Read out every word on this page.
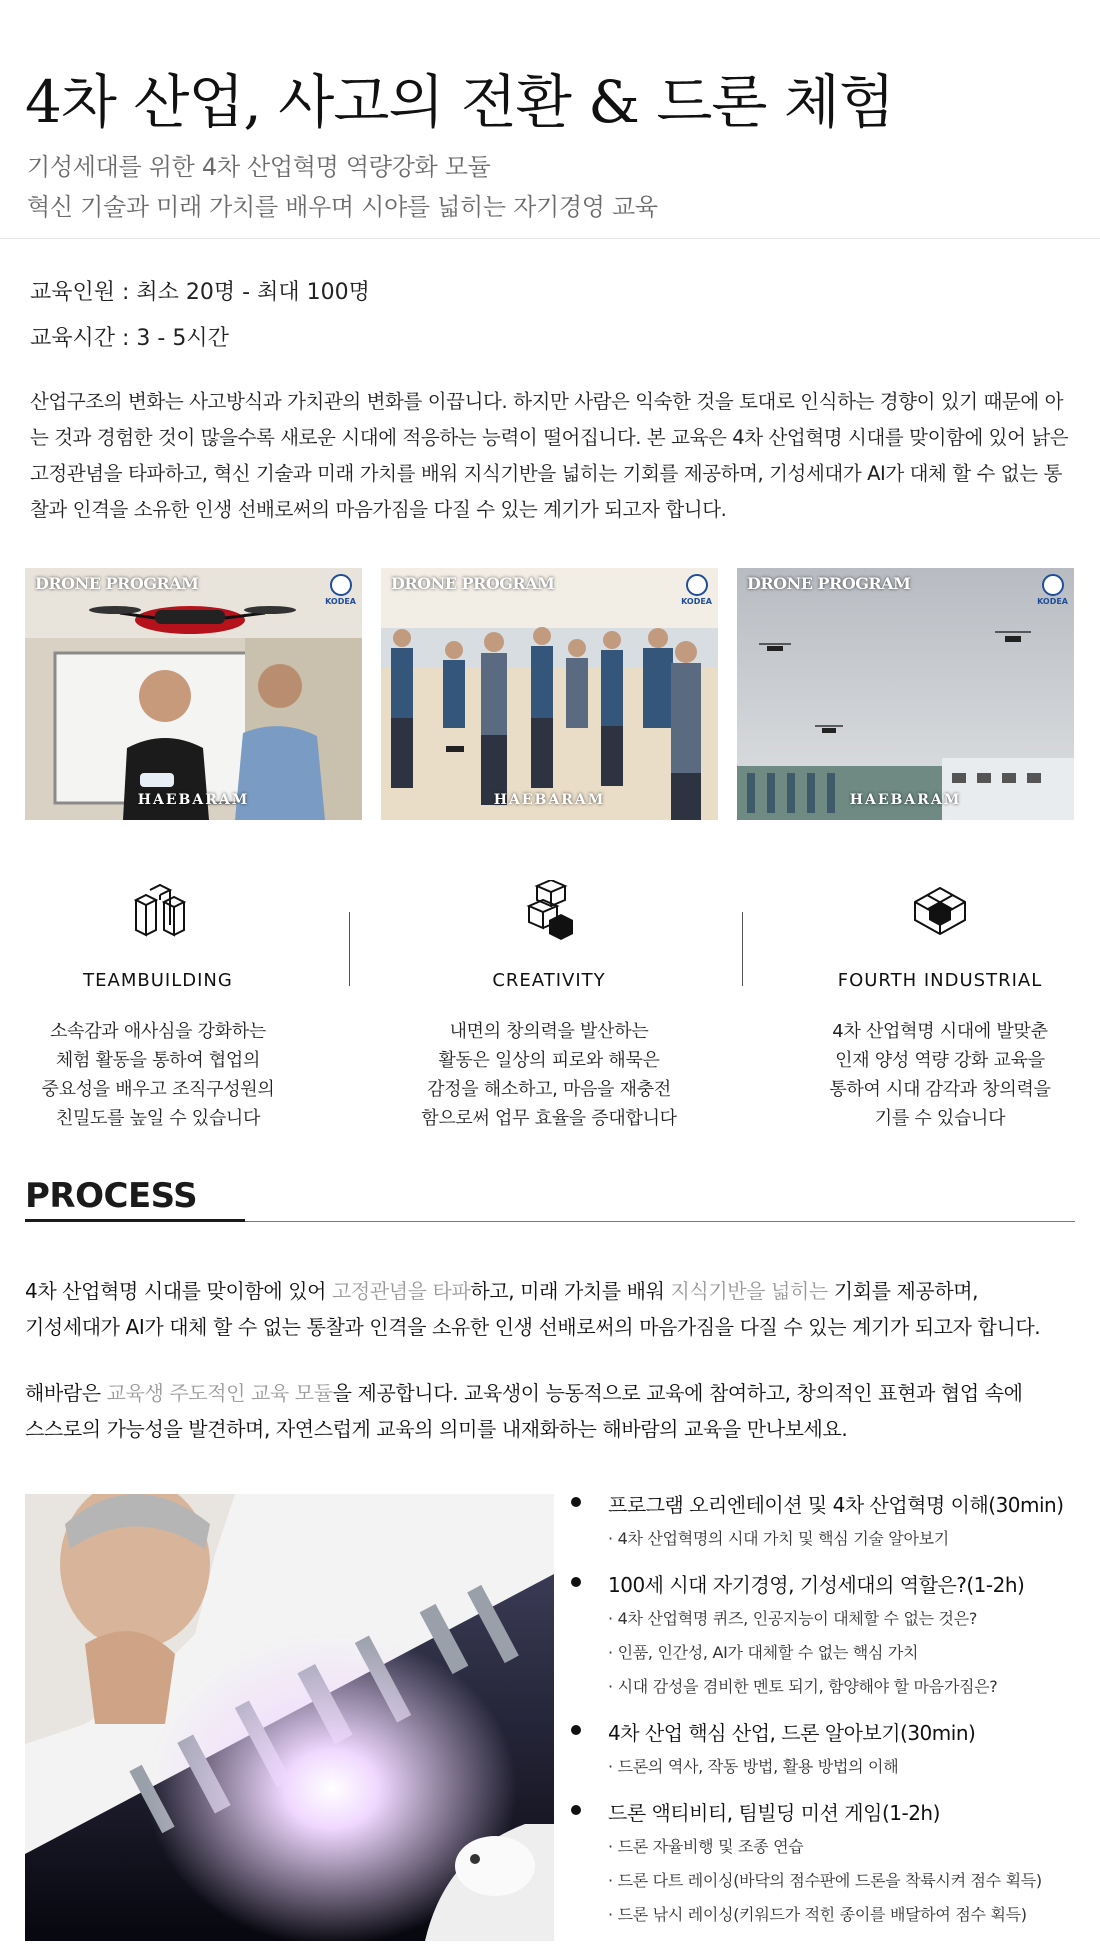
4차 산업, 사고의 전환 & 드론 체험
기성세대를 위한 4차 산업혁명 역량강화 모듈
혁신 기술과 미래 가치를 배우며 시야를 넓히는 자기경영 교육
교육인원 : 최소 20명 - 최대 100명
교육시간 : 3 - 5시간
산업구조의 변화는 사고방식과 가치관의 변화를 이끕니다. 하지만 사람은 익숙한 것을 토대로 인식하는 경향이 있기 때문에 아는 것과 경험한 것이 많을수록 새로운 시대에 적응하는 능력이 떨어집니다. 본 교육은 4차 산업혁명 시대를 맞이함에 있어 낡은 고정관념을 타파하고, 혁신 기술과 미래 가치를 배워 지식기반을 넓히는 기회를 제공하며, 기성세대가 AI가 대체 할 수 없는 통찰과 인격을 소유한 인생 선배로써의 마음가짐을 다질 수 있는 계기가 되고자 합니다.
DRONE PROGRAM
KODEA
HAEBARAM
DRONE PROGRAM
KODEA
HAEBARAM
DRONE PROGRAM
KODEA
HAEBARAM
TEAMBUILDING
소속감과 애사심을 강화하는
체험 활동을 통하여 협업의
중요성을 배우고 조직구성원의
친밀도를 높일 수 있습니다
CREATIVITY
내면의 창의력을 발산하는
활동은 일상의 피로와 해묵은
감정을 해소하고, 마음을 재충전
함으로써 업무 효율을 증대합니다
FOURTH INDUSTRIAL
4차 산업혁명 시대에 발맞춘
인재 양성 역량 강화 교육을
통하여 시대 감각과 창의력을
기를 수 있습니다
PROCESS
4차 산업혁명 시대를 맞이함에 있어 고정관념을 타파하고, 미래 가치를 배워 지식기반을 넓히는 기회를 제공하며,
기성세대가 AI가 대체 할 수 없는 통찰과 인격을 소유한 인생 선배로써의 마음가짐을 다질 수 있는 계기가 되고자 합니다.
해바람은 교육생 주도적인 교육 모듈을 제공합니다. 교육생이 능동적으로 교육에 참여하고, 창의적인 표현과 협업 속에
스스로의 가능성을 발견하며, 자연스럽게 교육의 의미를 내재화하는 해바람의 교육을 만나보세요.
프로그램 오리엔테이션 및 4차 산업혁명 이해(30min)
· 4차 산업혁명의 시대 가치 및 핵심 기술 알아보기
100세 시대 자기경영, 기성세대의 역할은?(1-2h)
· 4차 산업혁명 퀴즈, 인공지능이 대체할 수 없는 것은?
· 인품, 인간성, AI가 대체할 수 없는 핵심 가치
· 시대 감성을 겸비한 멘토 되기, 함양해야 할 마음가짐은?
4차 산업 핵심 산업, 드론 알아보기(30min)
· 드론의 역사, 작동 방법, 활용 방법의 이해
드론 액티비티, 팀빌딩 미션 게임(1-2h)
· 드론 자율비행 및 조종 연습
· 드론 다트 레이싱(바닥의 점수판에 드론을 착륙시켜 점수 획득)
· 드론 낚시 레이싱(키워드가 적힌 종이를 배달하여 점수 획득)
